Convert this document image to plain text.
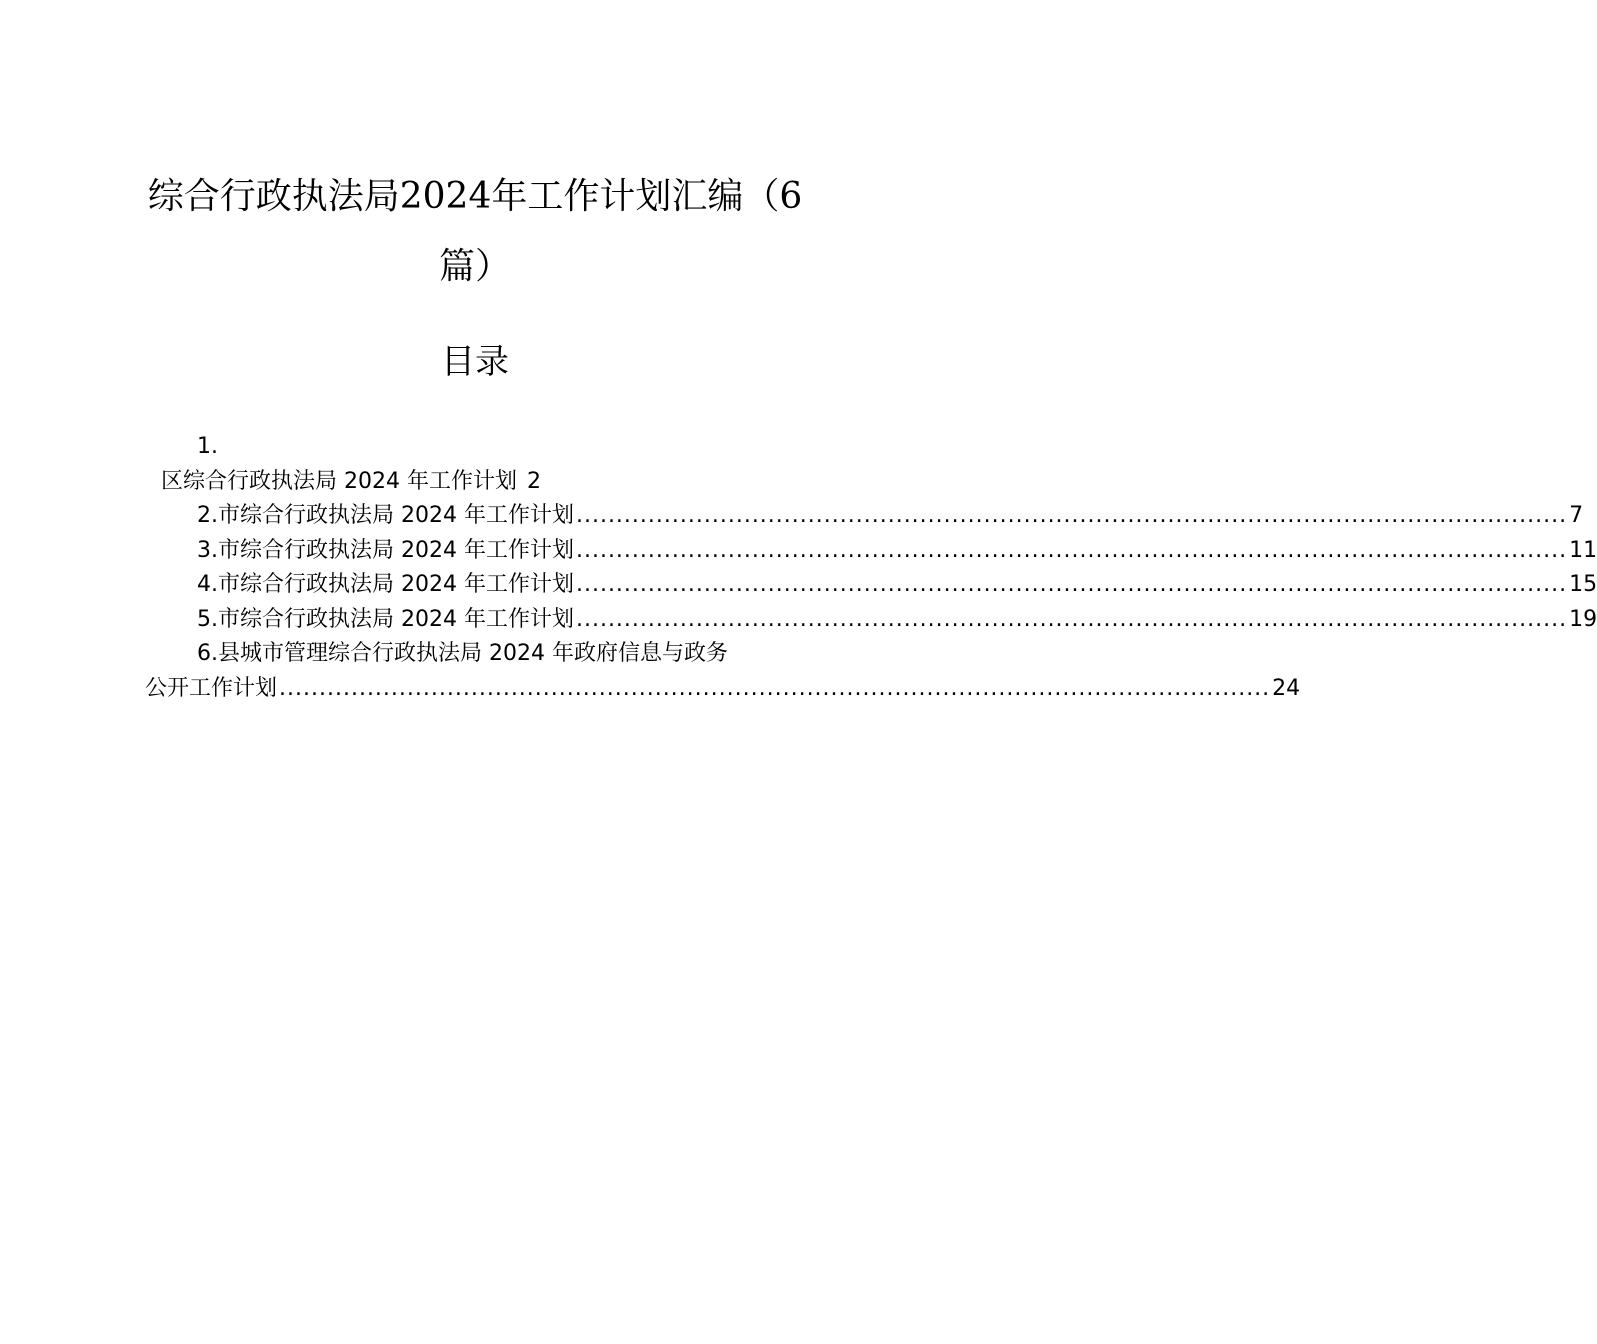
综合行政执法局2024年工作计划汇编（6
篇）
目录
1.
区综合行政执法局 2024 年工作计划 2
2.市综合行政执法局 2024 年工作计划 ............................................................................................................................ 7
3.市综合行政执法局 2024 年工作计划 ............................................................................................................................ 11
4.市综合行政执法局 2024 年工作计划 ............................................................................................................................ 15
5.市综合行政执法局 2024 年工作计划 ............................................................................................................................ 19
6.县城市管理综合行政执法局 2024 年政府信息与政务
公开工作计划 ............................................................................................................................ 24
